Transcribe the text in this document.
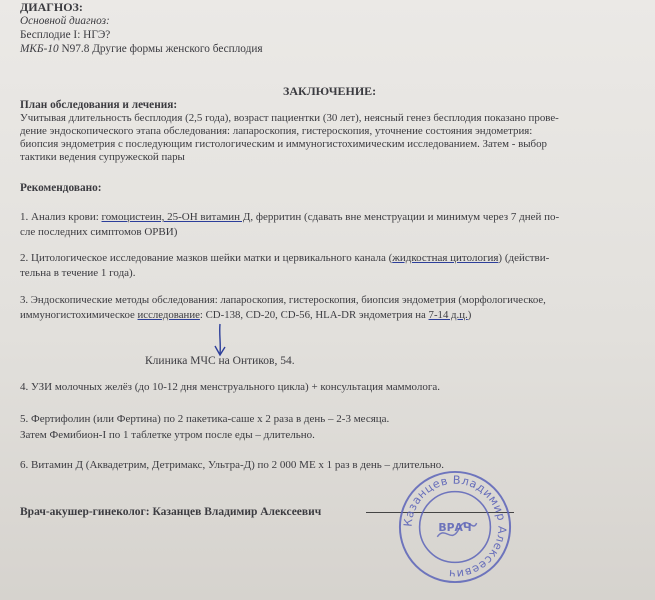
ДИАГНОЗ:
Основной диагноз:
Бесплодие I: НГЭ?
МКБ-10 N97.8 Другие формы женского бесплодия
ЗАКЛЮЧЕНИЕ:
План обследования и лечения:
Учитывая длительность бесплодия (2,5 года), возраст пациентки (30 лет), неясный генез бесплодия показано прове-
дение эндоскопического этапа обследования: лапароскопия, гистероскопия, уточнение состояния эндометрия:
биопсия эндометрия с последующим гистологическим и иммуногистохимическим исследованием. Затем - выбор
тактики ведения супружеской пары
Рекомендовано:
1. Анализ крови: гомоцистеин, 25-ОН витамин Д, ферритин (сдавать вне менструации и минимум через 7 дней по-
сле последних симптомов ОРВИ)
2. Цитологическое исследование мазков шейки матки и цервикального канала (жидкостная цитология) (действи-
тельна в течение 1 года).
3. Эндоскопические методы обследования: лапароскопия, гистероскопия, биопсия эндометрия (морфологическое,
иммуногистохимическое исследование: CD-138, CD-20, CD-56, HLA-DR эндометрия на 7-14 д.ц.)
Клиника МЧС на Онтиков, 54.
4. УЗИ молочных желёз (до 10-12 дня менструального цикла) + консультация маммолога.
5. Фертифолин (или Фертина) по 2 пакетика-саше х 2 раза в день – 2-3 месяца.
Затем Фемибион-I по 1 таблетке утром после еды – длительно.
6. Витамин Д (Аквадетрим, Детримакс, Ультра-Д) по 2 000 МЕ х 1 раз в день – длительно.
Врач-акушер-гинеколог: Казанцев Владимир Алексеевич
Казанцев Владимир Алексеевич
ВРАЧ
